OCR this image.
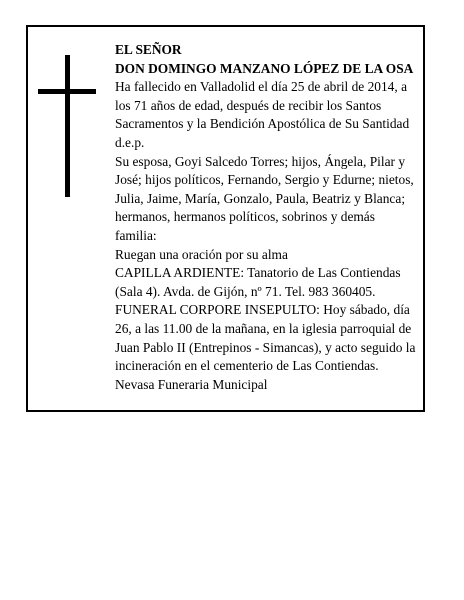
EL SEÑOR
DON DOMINGO MANZANO LÓPEZ DE LA OSA
Ha fallecido en Valladolid el día 25 de abril de 2014, a
los 71 años de edad, después de recibir los Santos
Sacramentos y la Bendición Apostólica de Su Santidad
d.e.p.
Su esposa, Goyi Salcedo Torres; hijos, Ángela, Pilar y
José; hijos políticos, Fernando, Sergio y Edurne; nietos,
Julia, Jaime, María, Gonzalo, Paula, Beatriz y Blanca;
hermanos, hermanos políticos, sobrinos y demás
familia:
Ruegan una oración por su alma
CAPILLA ARDIENTE: Tanatorio de Las Contiendas
(Sala 4). Avda. de Gijón, nº 71. Tel. 983 360405.
FUNERAL CORPORE INSEPULTO: Hoy sábado, día
26, a las 11.00 de la mañana, en la iglesia parroquial de
Juan Pablo II (Entrepinos - Simancas), y acto seguido la
incineración en el cementerio de Las Contiendas.
Nevasa Funeraria Municipal
